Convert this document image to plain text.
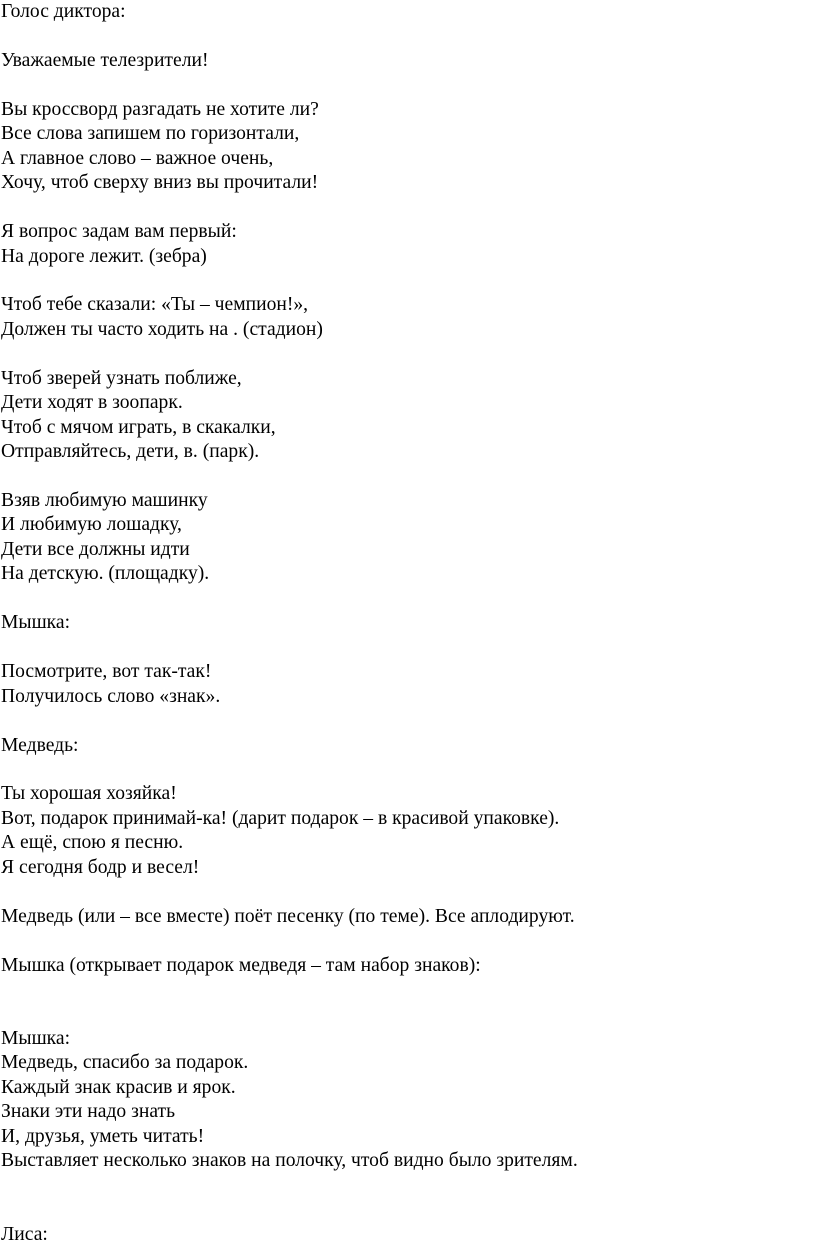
Голос диктора:

Уважаемые телезрители!

Вы кроссворд разгадать не хотите ли?

Все слова запишем по горизонтали,

А главное слово – важное очень,

Хочу, чтоб сверху вниз вы прочитали!

Я вопрос задам вам первый:

На дороге лежит. (зебра)

Чтоб тебе сказали: «Ты – чемпион!»,

Должен ты часто ходить на . (стадион)

Чтоб зверей узнать поближе,

Дети ходят в зоопарк.

Чтоб с мячом играть, в скакалки,

Отправляйтесь, дети, в. (парк).

Взяв любимую машинку

И любимую лошадку,

Дети все должны идти

На детскую. (площадку).

Мышка:

Посмотрите, вот так-так!

Получилось слово «знак».

Медведь:

Ты хорошая хозяйка!

Вот, подарок принимай-ка! (дарит подарок – в красивой упаковке).

А ещё, спою я песню.

Я сегодня бодр и весел!

Медведь (или – все вместе) поёт песенку (по теме). Все аплодируют.

Мышка (открывает подарок медведя – там набор знаков):

Мышка:

Медведь, спасибо за подарок.

Каждый знак красив и ярок.

Знаки эти надо знать

И, друзья, уметь читать!

Выставляет несколько знаков на полочку, чтоб видно было зрителям.

Лиса:
